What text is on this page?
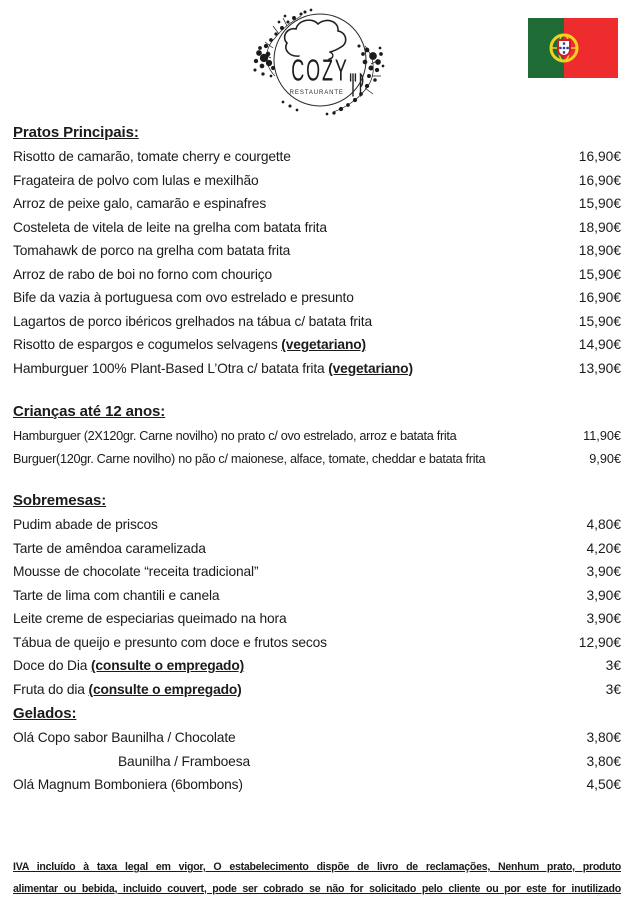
COZY
RESTAURANTE
Pratos Principais:
Risotto de camarão, tomate cherry e courgette	16,90€
Fragateira de polvo com lulas e mexilhão	16,90€
Arroz de peixe galo, camarão e espinafres	15,90€
Costeleta de vitela de leite na grelha com batata frita	18,90€
Tomahawk de porco na grelha com batata frita	18,90€
Arroz de rabo de boi no forno com chouriço	15,90€
Bife da vazia à portuguesa com ovo estrelado e presunto	16,90€
Lagartos de porco ibéricos grelhados na tábua c/ batata frita	15,90€
Risotto de espargos e cogumelos selvagens (vegetariano)	14,90€
Hamburguer 100% Plant-Based L’Otra c/ batata frita (vegetariano)	13,90€
Crianças até 12 anos:
Hamburguer (2X120gr. Carne novilho) no prato c/ ovo estrelado, arroz e batata frita	11,90€
Burguer(120gr. Carne novilho) no pão c/ maionese, alface, tomate, cheddar e batata frita	9,90€
Sobremesas:
Pudim abade de priscos	4,80€
Tarte de amêndoa caramelizada	4,20€
Mousse de chocolate “receita tradicional”	3,90€
Tarte de lima com chantili e canela	3,90€
Leite creme de especiarias queimado na hora	3,90€
Tábua de queijo e presunto com doce e frutos secos	12,90€
Doce do Dia (consulte o empregado)	3€
Fruta do dia (consulte o empregado)	3€
Gelados:
Olá Copo sabor Baunilha / Chocolate	3,80€
Baunilha / Framboesa	3,80€
Olá Magnum Bomboniera (6bombons)	4,50€

IVA incluído à taxa legal em vigor, O estabelecimento dispõe de livro de reclamações, Nenhum prato, produto

alimentar ou bebida, incluido couvert, pode ser cobrado se não for solicitado pelo cliente ou por este for inutilizado
